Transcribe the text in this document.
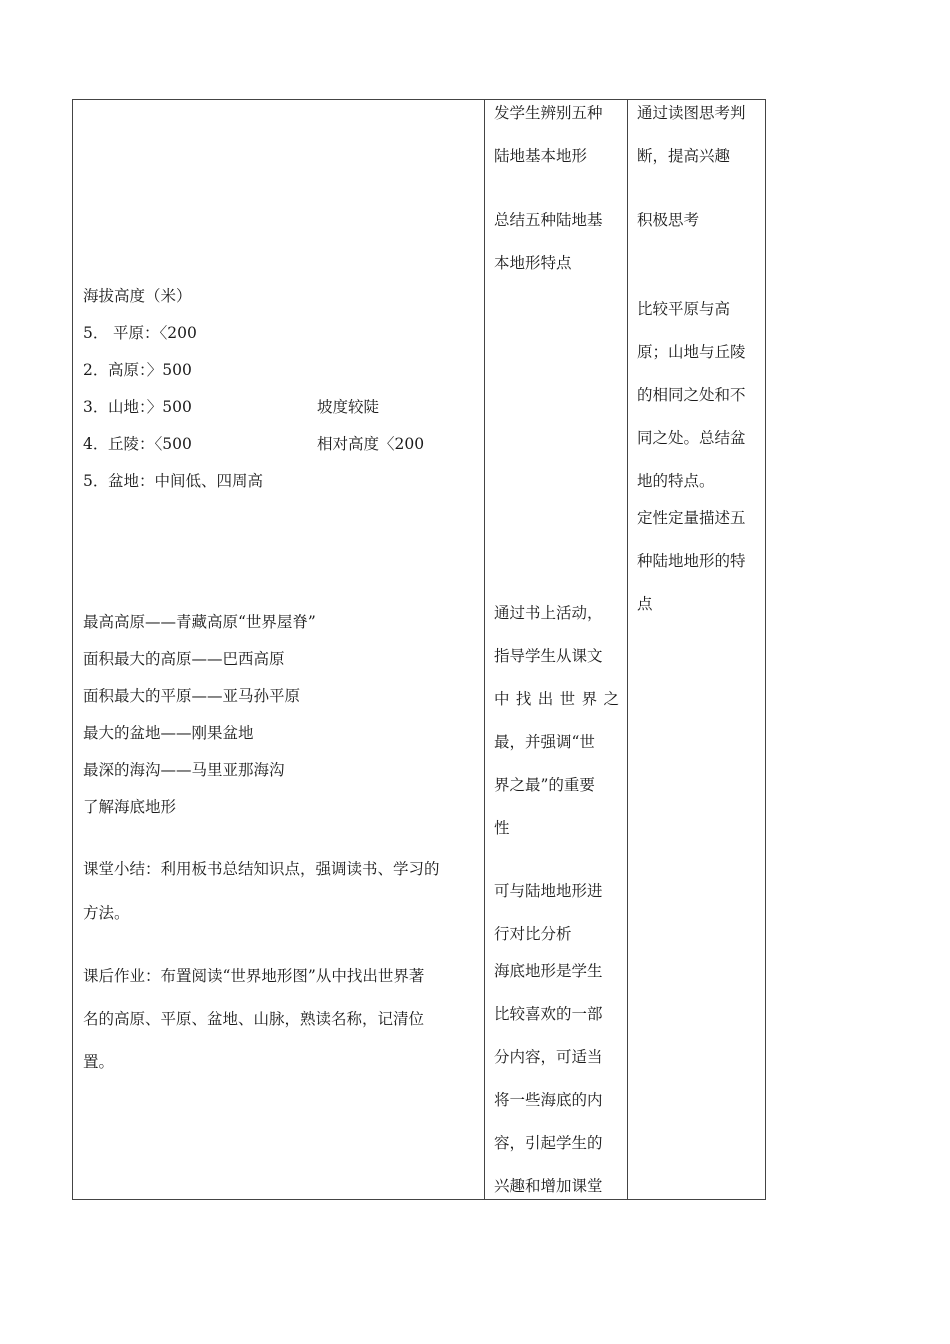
海拔高度（米）
5． 平原：〈200
2． 高原：〉500
3． 山地：〉500	坡度较陡
4． 丘陵：〈500	相对高度〈200
5． 盆地：中间低、四周高
最高高原——青藏高原“世界屋脊”
面积最大的高原——巴西高原
面积最大的平原——亚马孙平原
最大的盆地——刚果盆地
最深的海沟——马里亚那海沟
了解海底地形
课堂小结：利用板书总结知识点，强调读书、学习的
方法。
课后作业：布置阅读“世界地形图”从中找出世界著
名的高原、平原、盆地、山脉，熟读名称，记清位
置。
发学生辨别五种
陆地基本地形
总结五种陆地基
本地形特点
通过书上活动，
指导学生从课文
中 找 出 世 界 之
最，并强调“世
界之最”的重要
性
可与陆地地形进
行对比分析
海底地形是学生
比较喜欢的一部
分内容，可适当
将一些海底的内
容，引起学生的
兴趣和增加课堂
通过读图思考判
断，提高兴趣
积极思考
比较平原与高
原；山地与丘陵
的相同之处和不
同之处。总结盆
地的特点。
定性定量描述五
种陆地地形的特
点
